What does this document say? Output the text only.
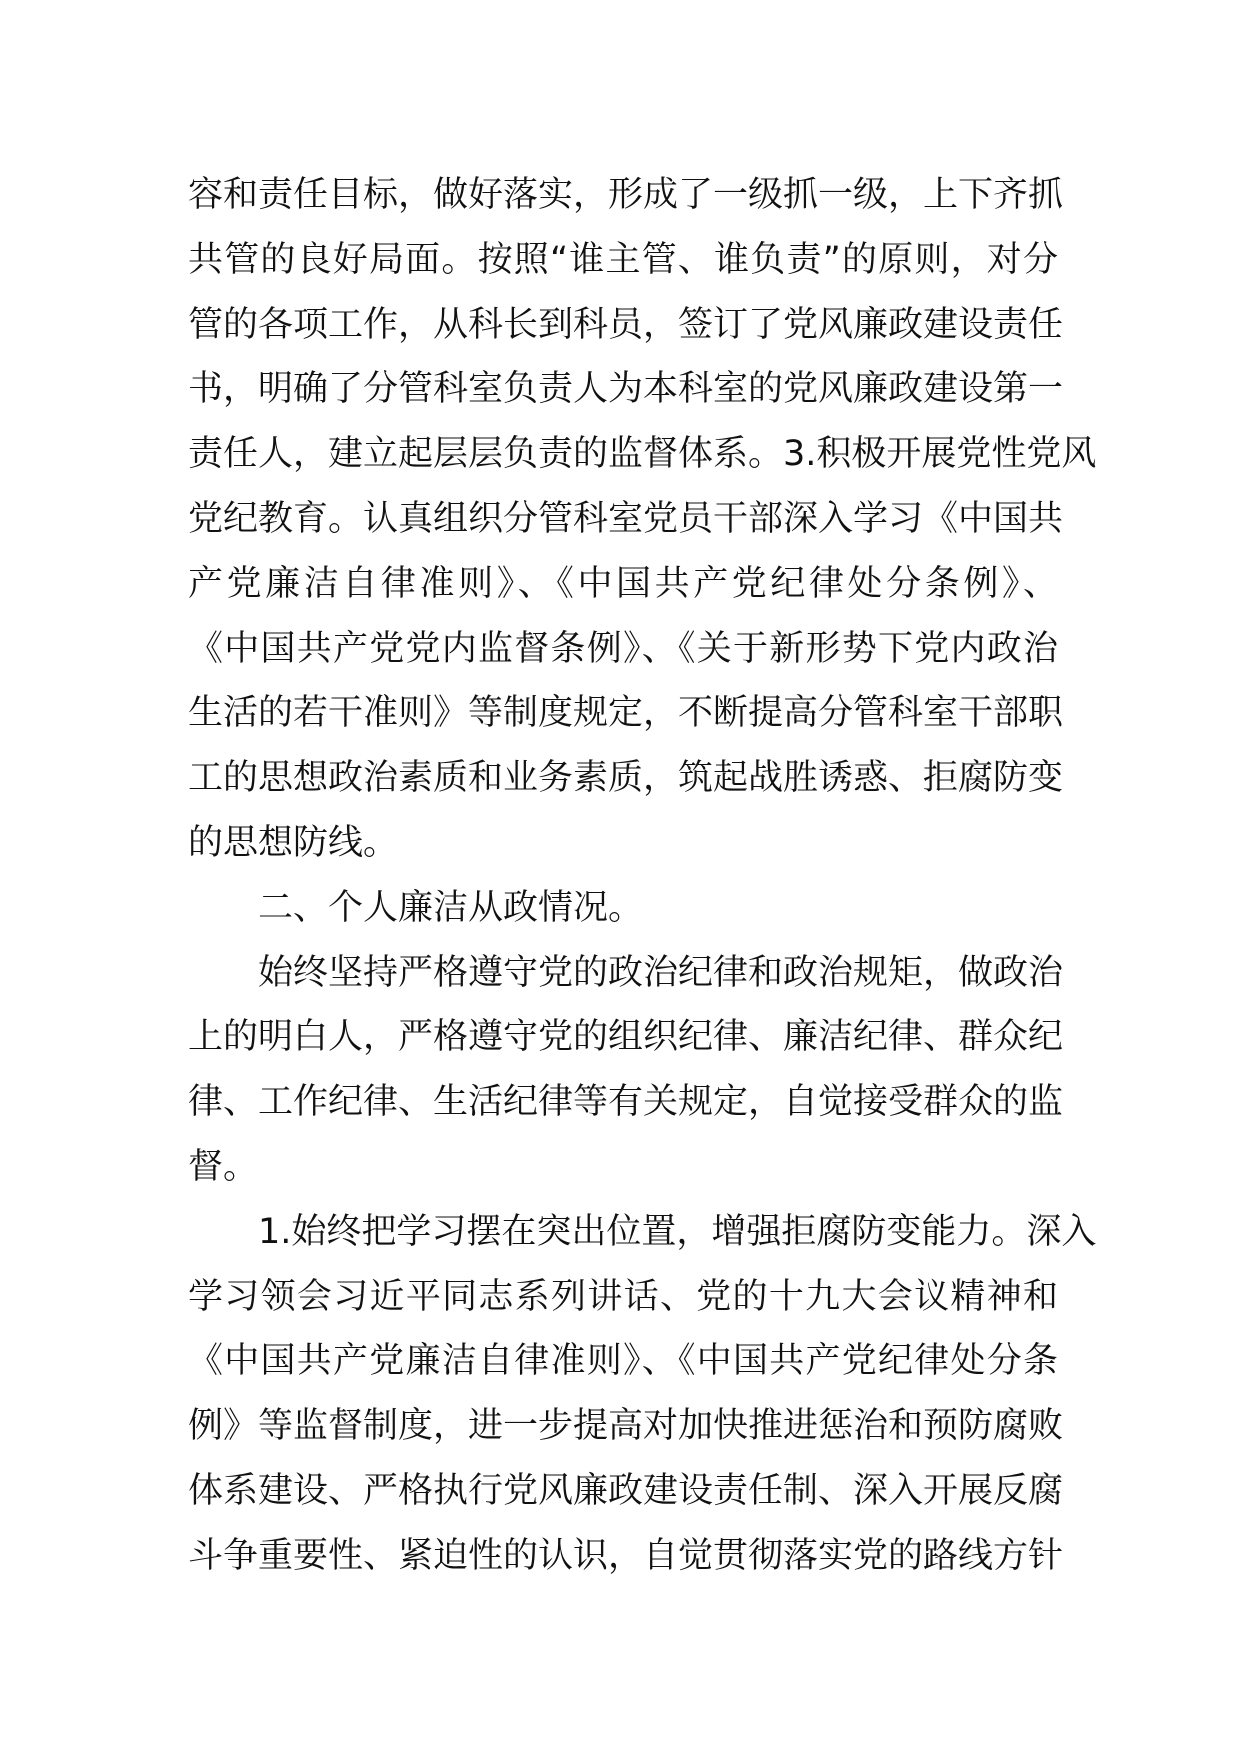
容和责任目标，做好落实，形成了一级抓一级，上下齐抓
共管的良好局面。按照“谁主管、谁负责”的原则，对分
管的各项工作，从科长到科员，签订了党风廉政建设责任
书，明确了分管科室负责人为本科室的党风廉政建设第一
责任人，建立起层层负责的监督体系。3.积极开展党性党风
党纪教育。认真组织分管科室党员干部深入学习《中国共
产党廉洁自律准则》、《中国共产党纪律处分条例》、
《中国共产党党内监督条例》、《关于新形势下党内政治
生活的若干准则》等制度规定，不断提高分管科室干部职
工的思想政治素质和业务素质，筑起战胜诱惑、拒腐防变
的思想防线。
二、个人廉洁从政情况。
始终坚持严格遵守党的政治纪律和政治规矩，做政治
上的明白人，严格遵守党的组织纪律、廉洁纪律、群众纪
律、工作纪律、生活纪律等有关规定，自觉接受群众的监
督。
1.始终把学习摆在突出位置，增强拒腐防变能力。深入
学习领会习近平同志系列讲话、党的十九大会议精神和
《中国共产党廉洁自律准则》、《中国共产党纪律处分条
例》等监督制度，进一步提高对加快推进惩治和预防腐败
体系建设、严格执行党风廉政建设责任制、深入开展反腐
斗争重要性、紧迫性的认识，自觉贯彻落实党的路线方针
